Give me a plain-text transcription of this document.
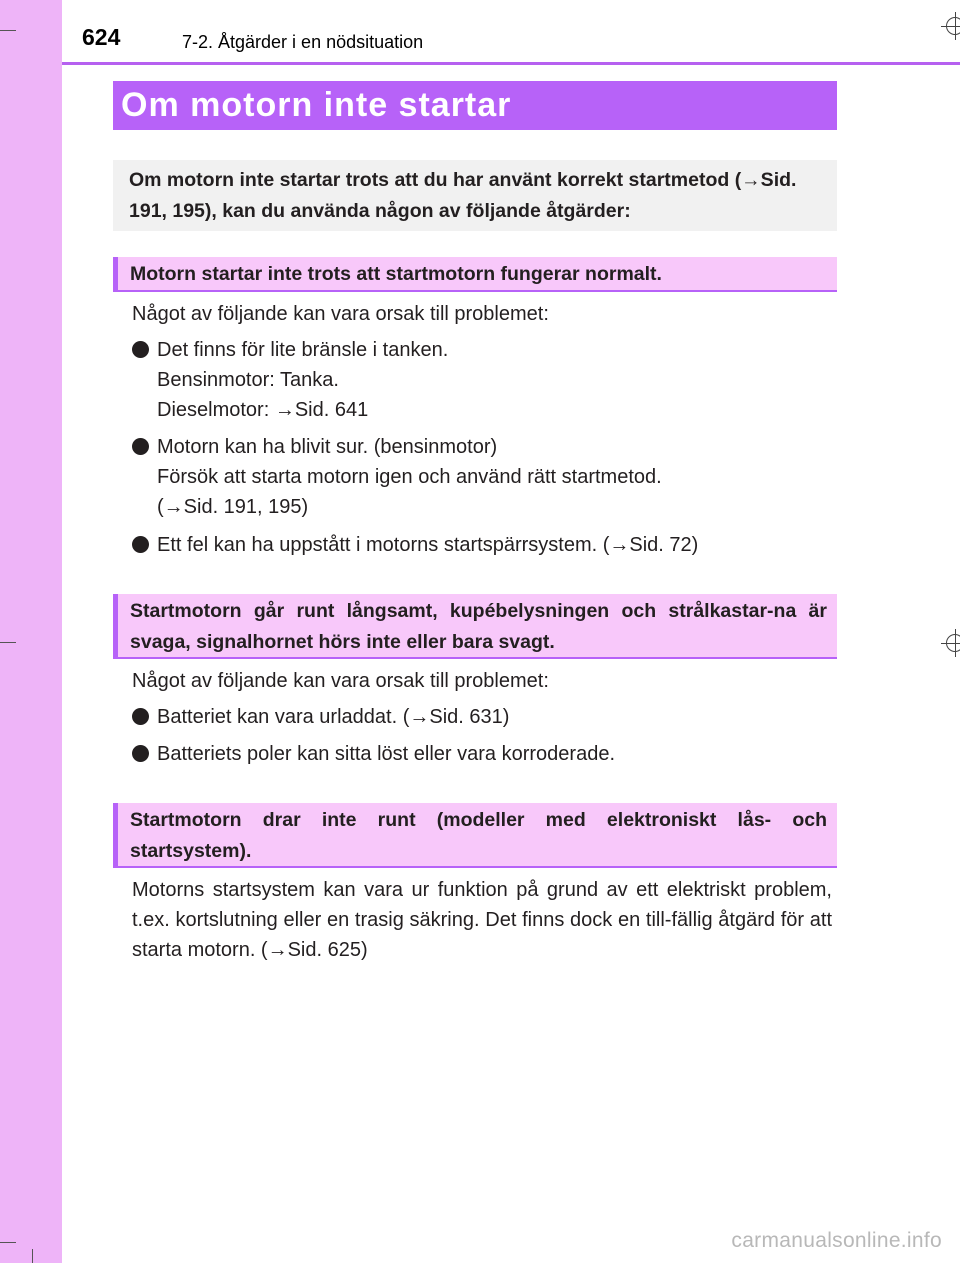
624	7-2. Åtgärder i en nödsituation
Om motorn inte startar
Om motorn inte startar trots att du har använt korrekt startmetod (→Sid. 191, 195), kan du använda någon av följande åtgärder:
Motorn startar inte trots att startmotorn fungerar normalt.
Något av följande kan vara orsak till problemet:
Det finns för lite bränsle i tanken.
Bensinmotor: Tanka.
Dieselmotor: →Sid. 641
Motorn kan ha blivit sur. (bensinmotor)
Försök att starta motorn igen och använd rätt startmetod.
(→Sid. 191, 195)
Ett fel kan ha uppstått i motorns startspärrsystem. (→Sid. 72)
Startmotorn går runt långsamt, kupébelysningen och strålkastar-na är svaga, signalhornet hörs inte eller bara svagt.
Något av följande kan vara orsak till problemet:
Batteriet kan vara urladdat. (→Sid. 631)
Batteriets poler kan sitta löst eller vara korroderade.
Startmotorn drar inte runt (modeller med elektroniskt lås- och startsystem).
Motorns startsystem kan vara ur funktion på grund av ett elektriskt problem, t.ex. kortslutning eller en trasig säkring. Det finns dock en till-fällig åtgärd för att starta motorn. (→Sid. 625)
carmanualsonline.info
